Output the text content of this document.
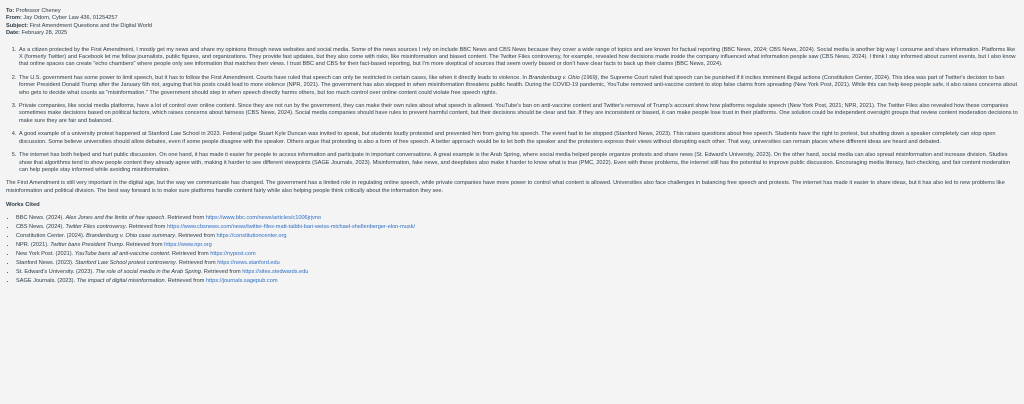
To: Professor Cheney

From: Jay Odom, Cyber Law 436, 01254257

Subject: First Amendment Questions and the Digital World

Date: February 28, 2025

1. As a citizen protected by the First Amendment, I mostly get my news and share my opinions through news websites and social media. Some of the news sources I rely on include BBC News and CBS News because they cover a wide range of topics and are known for factual reporting (BBC News, 2024; CBS News, 2024). Social media is another big way I consume and share information. Platforms like X (formerly Twitter) and Facebook let me follow journalists, public figures, and organizations. They provide fast updates, but they also come with risks, like misinformation and biased content. The Twitter Files controversy, for example, revealed how decisions made inside the company influenced what information people saw (CBS News, 2024). I think I stay informed about current events, but I also know that online spaces can create "echo chambers" where people only see information that matches their views. I trust BBC and CBS for their fact-based reporting, but I'm more skeptical of sources that seem overly biased or don't have clear facts to back up their claims (BBC News, 2024).
2. The U.S. government has some power to limit speech, but it has to follow the First Amendment. Courts have ruled that speech can only be restricted in certain cases, like when it directly leads to violence. In Brandenburg v. Ohio (1969), the Supreme Court ruled that speech can be punished if it incites imminent illegal actions (Constitution Center, 2024). This idea was part of Twitter's decision to ban former President Donald Trump after the January 6th riot, arguing that his posts could lead to more violence (NPR, 2021). The government has also stepped in when misinformation threatens public health. During the COVID-19 pandemic, YouTube removed anti-vaccine content to stop false claims from spreading (New York Post, 2021). While this can help keep people safe, it also raises concerns about who gets to decide what counts as "misinformation." The government should step in when speech directly harms others, but too much control over online content could violate free speech rights.
3. Private companies, like social media platforms, have a lot of control over online content. Since they are not run by the government, they can make their own rules about what speech is allowed. YouTube's ban on anti-vaccine content and Twitter's removal of Trump's account show how platforms regulate speech (New York Post, 2021; NPR, 2021). The Twitter Files also revealed how these companies sometimes make decisions based on political factors, which raises concerns about fairness (CBS News, 2024). Social media companies should have rules to prevent harmful content, but their decisions should be clear and fair. If they are inconsistent or biased, it can make people lose trust in their platforms. One solution could be independent oversight groups that review content moderation decisions to make sure they are fair and balanced.
4. A good example of a university protest happened at Stanford Law School in 2023. Federal judge Stuart Kyle Duncan was invited to speak, but students loudly protested and prevented him from giving his speech. The event had to be stopped (Stanford News, 2023). This raises questions about free speech. Students have the right to protest, but shutting down a speaker completely can stop open discussion. Some believe universities should allow debates, even if some people disagree with the speaker. Others argue that protesting is also a form of free speech. A better approach would be to let both the speaker and the protesters express their views without disrupting each other. That way, universities can remain places where different ideas are heard and debated.
5. The internet has both helped and hurt public discussion. On one hand, it has made it easier for people to access information and participate in important conversations. A great example is the Arab Spring, where social media helped people organize protests and share news (St. Edward's University, 2023). On the other hand, social media can also spread misinformation and increase division. Studies show that algorithms tend to show people content they already agree with, making it harder to see different viewpoints (SAGE Journals, 2023). Misinformation, fake news, and deepfakes also make it harder to know what is true (PMC, 2022). Even with these problems, the internet still has the potential to improve public discussion. Encouraging media literacy, fact-checking, and fair content moderation can help people stay informed while avoiding misinformation.

The First Amendment is still very important in the digital age, but the way we communicate has changed. The government has a limited role in regulating online speech, while private companies have more power to control what content is allowed. Universities also face challenges in balancing free speech and protests. The internet has made it easier to share ideas, but it has also led to new problems like misinformation and political division. The best way forward is to make sure platforms handle content fairly while also helping people think critically about the information they see.

Works Cited
• BBC News. (2024). Alex Jones and the limits of free speech. Retrieved from https://www.bbc.com/news/articles/c1006jrjvno
• CBS News. (2024). Twitter Files controversy. Retrieved from https://www.cbsnews.com/news/twitter-files-matt-taibbi-bari-weiss-michael-shellenberger-elon-musk/
• Constitution Center. (2024). Brandenburg v. Ohio case summary. Retrieved from https://constitutioncenter.org
• NPR. (2021). Twitter bans President Trump. Retrieved from https://www.npr.org
• New York Post. (2021). YouTube bans all anti-vaccine content. Retrieved from https://nypost.com
• Stanford News. (2023). Stanford Law School protest controversy. Retrieved from https://news.stanford.edu
• St. Edward's University. (2023). The role of social media in the Arab Spring. Retrieved from https://sites.stedwards.edu
• SAGE Journals. (2023). The impact of digital misinformation. Retrieved from https://journals.sagepub.com
